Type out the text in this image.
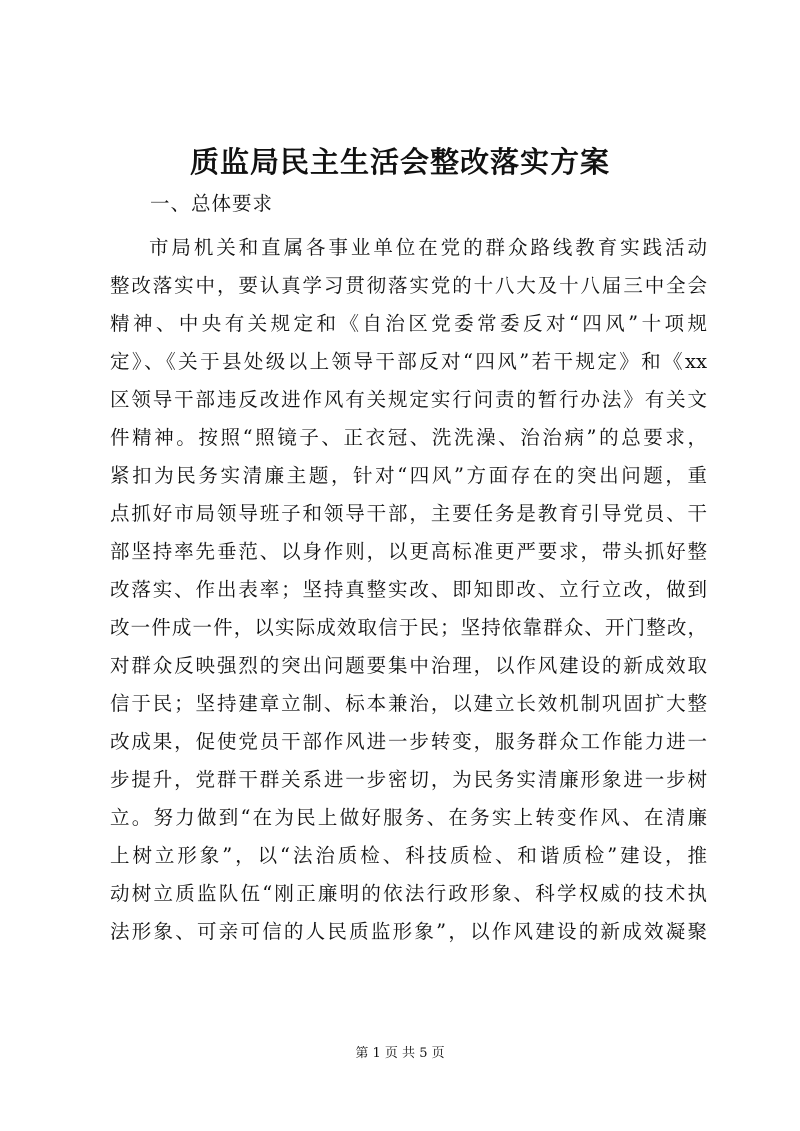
质监局民主生活会整改落实方案

一、总体要求

市局机关和直属各事业单位在党的群众路线教育实践活动
整改落实中，要认真学习贯彻落实党的十八大及十八届三中全会
精神、中央有关规定和《自治区党委常委反对“四风”十项规
定》、《关于县处级以上领导干部反对“四风”若干规定》和《xx
区领导干部违反改进作风有关规定实行问责的暂行办法》有关文
件精神。按照“照镜子、正衣冠、洗洗澡、治治病”的总要求，
紧扣为民务实清廉主题，针对“四风”方面存在的突出问题，重
点抓好市局领导班子和领导干部，主要任务是教育引导党员、干
部坚持率先垂范、以身作则，以更高标准更严要求，带头抓好整
改落实、作出表率；坚持真整实改、即知即改、立行立改，做到
改一件成一件，以实际成效取信于民；坚持依靠群众、开门整改，
对群众反映强烈的突出问题要集中治理，以作风建设的新成效取
信于民；坚持建章立制、标本兼治，以建立长效机制巩固扩大整
改成果，促使党员干部作风进一步转变，服务群众工作能力进一
步提升，党群干群关系进一步密切，为民务实清廉形象进一步树
立。努力做到“在为民上做好服务、在务实上转变作风、在清廉
上树立形象”，以“法治质检、科技质检、和谐质检”建设，推
动树立质监队伍“刚正廉明的依法行政形象、科学权威的技术执
法形象、可亲可信的人民质监形象”，以作风建设的新成效凝聚
第 1 页 共 5 页
